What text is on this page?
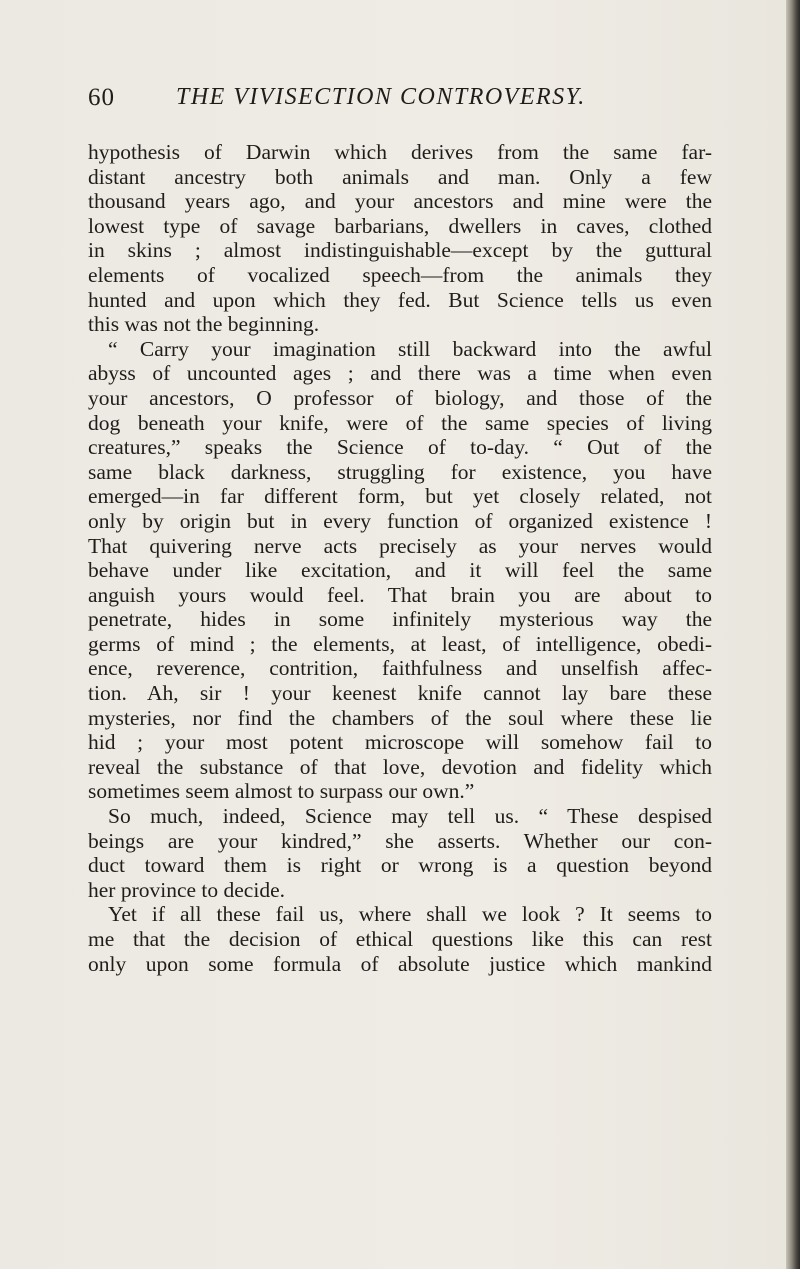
60	THE VIVISECTION CONTROVERSY.
hypothesis of Darwin which derives from the same far-
distant ancestry both animals and man. Only a few
thousand years ago, and your ancestors and mine were the
lowest type of savage barbarians, dwellers in caves, clothed
in skins ; almost indistinguishable—except by the guttural
elements of vocalized speech—from the animals they
hunted and upon which they fed. But Science tells us even
this was not the beginning.
“ Carry your imagination still backward into the awful
abyss of uncounted ages ; and there was a time when even
your ancestors, O professor of biology, and those of the
dog beneath your knife, were of the same species of living
creatures,” speaks the Science of to-day. “ Out of the
same black darkness, struggling for existence, you have
emerged—in far different form, but yet closely related, not
only by origin but in every function of organized existence !
That quivering nerve acts precisely as your nerves would
behave under like excitation, and it will feel the same
anguish yours would feel. That brain you are about to
penetrate, hides in some infinitely mysterious way the
germs of mind ; the elements, at least, of intelligence, obedi-
ence, reverence, contrition, faithfulness and unselfish affec-
tion. Ah, sir ! your keenest knife cannot lay bare these
mysteries, nor find the chambers of the soul where these lie
hid ; your most potent microscope will somehow fail to
reveal the substance of that love, devotion and fidelity which
sometimes seem almost to surpass our own.”
So much, indeed, Science may tell us. “ These despised
beings are your kindred,” she asserts. Whether our con-
duct toward them is right or wrong is a question beyond
her province to decide.
Yet if all these fail us, where shall we look ? It seems to
me that the decision of ethical questions like this can rest
only upon some formula of absolute justice which mankind
